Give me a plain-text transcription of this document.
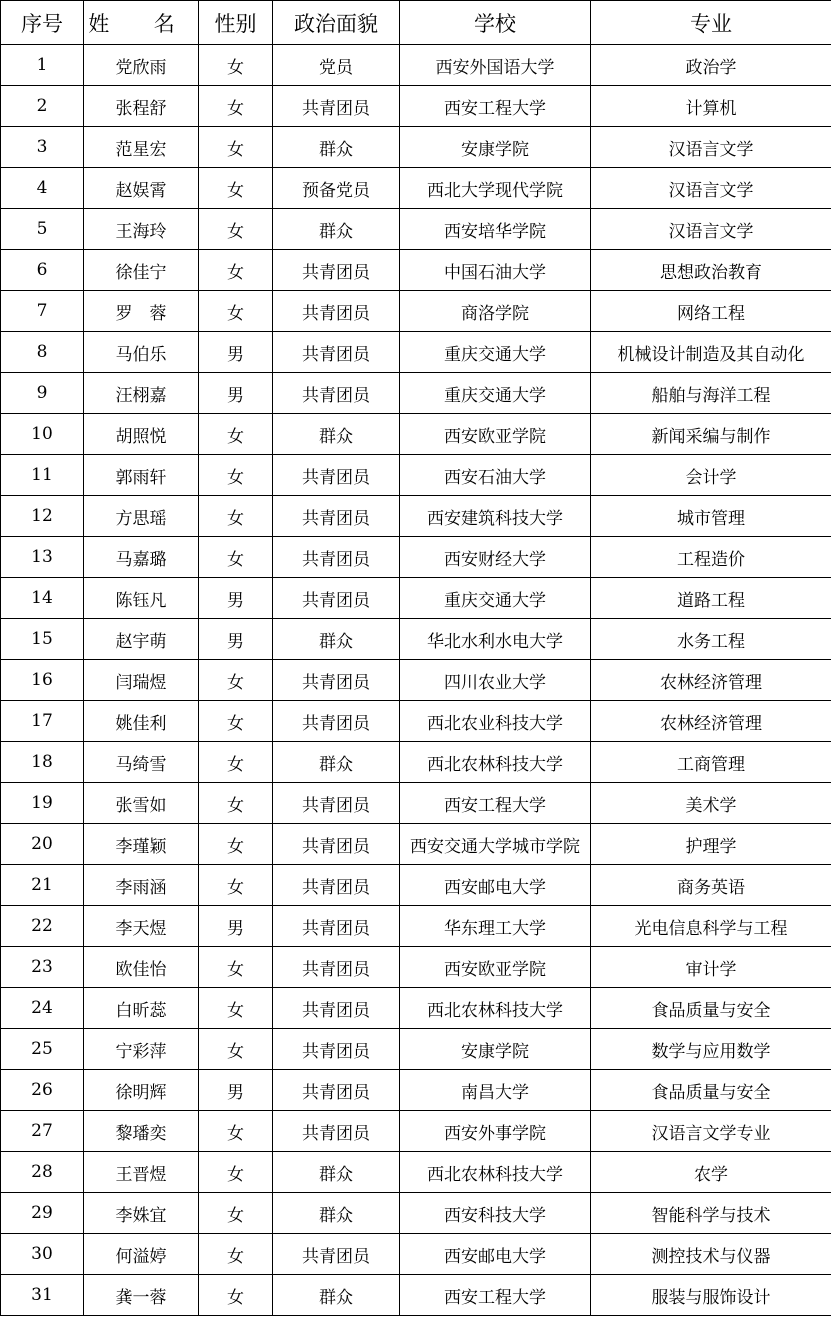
序号	姓 名	性别	政治面貌	学校	专业
1	党欣雨	女	党员	西安外国语大学	政治学
2	张程舒	女	共青团员	西安工程大学	计算机
3	范星宏	女	群众	安康学院	汉语言文学
4	赵娱霄	女	预备党员	西北大学现代学院	汉语言文学
5	王海玲	女	群众	西安培华学院	汉语言文学
6	徐佳宁	女	共青团员	中国石油大学	思想政治教育
7	罗　蓉	女	共青团员	商洛学院	网络工程
8	马伯乐	男	共青团员	重庆交通大学	机械设计制造及其自动化
9	汪栩嘉	男	共青团员	重庆交通大学	船舶与海洋工程
10	胡照悦	女	群众	西安欧亚学院	新闻采编与制作
11	郭雨轩	女	共青团员	西安石油大学	会计学
12	方思瑶	女	共青团员	西安建筑科技大学	城市管理
13	马嘉璐	女	共青团员	西安财经大学	工程造价
14	陈钰凡	男	共青团员	重庆交通大学	道路工程
15	赵宇萌	男	群众	华北水利水电大学	水务工程
16	闫瑞煜	女	共青团员	四川农业大学	农林经济管理
17	姚佳利	女	共青团员	西北农业科技大学	农林经济管理
18	马绮雪	女	群众	西北农林科技大学	工商管理
19	张雪如	女	共青团员	西安工程大学	美术学
20	李瑾颖	女	共青团员	西安交通大学城市学院	护理学
21	李雨涵	女	共青团员	西安邮电大学	商务英语
22	李天煜	男	共青团员	华东理工大学	光电信息科学与工程
23	欧佳怡	女	共青团员	西安欧亚学院	审计学
24	白昕蕊	女	共青团员	西北农林科技大学	食品质量与安全
25	宁彩萍	女	共青团员	安康学院	数学与应用数学
26	徐明辉	男	共青团员	南昌大学	食品质量与安全
27	黎璠奕	女	共青团员	西安外事学院	汉语言文学专业
28	王晋煜	女	群众	西北农林科技大学	农学
29	李姝宜	女	群众	西安科技大学	智能科学与技术
30	何溢婷	女	共青团员	西安邮电大学	测控技术与仪器
31	龚一蓉	女	群众	西安工程大学	服装与服饰设计
